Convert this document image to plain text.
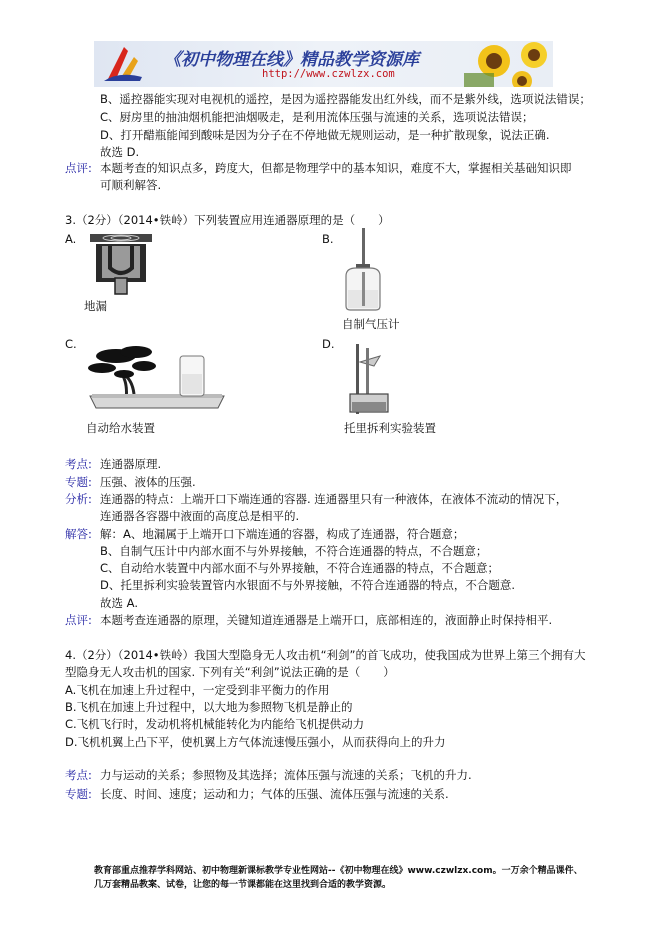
《初中物理在线》精品教学资源库
http://www.czwlzx.com
B、遥控器能实现对电视机的遥控，是因为遥控器能发出红外线，而不是紫外线，选项说法错误；
C、厨房里的抽油烟机能把油烟吸走，是利用流体压强与流速的关系，选项说法错误；
D、打开醋瓶能闻到酸味是因为分子在不停地做无规则运动，是一种扩散现象，说法正确.
故选 D.
点评: 本题考查的知识点多，跨度大，但都是物理学中的基本知识，难度不大，掌握相关基础知识即
可顺利解答.
3.（2分）（2014•铁岭）下列装置应用连通器原理的是（　　）
A.
地漏
B.
自制气压计
C.
自动给水装置
D.
托里拆利实验装置
考点: 连通器原理.
专题: 压强、液体的压强.
分析: 连通器的特点：上端开口下端连通的容器. 连通器里只有一种液体，在液体不流动的情况下，
连通器各容器中液面的高度总是相平的.
解答: 解：A、地漏属于上端开口下端连通的容器，构成了连通器，符合题意；
B、自制气压计中内部水面不与外界接触，不符合连通器的特点，不合题意；
C、自动给水装置中内部水面不与外界接触，不符合连通器的特点，不合题意；
D、托里拆利实验装置管内水银面不与外界接触，不符合连通器的特点，不合题意.
故选 A.
点评: 本题考查连通器的原理，关键知道连通器是上端开口，底部相连的，液面静止时保持相平.
4.（2分）（2014•铁岭）我国大型隐身无人攻击机“利剑”的首飞成功，使我国成为世界上第三个拥有大
型隐身无人攻击机的国家. 下列有关“利剑”说法正确的是（　　）
A.飞机在加速上升过程中，一定受到非平衡力的作用
B.飞机在加速上升过程中，以大地为参照物飞机是静止的
C.飞机飞行时，发动机将机械能转化为内能给飞机提供动力
D.飞机机翼上凸下平，使机翼上方气体流速慢压强小，从而获得向上的升力
考点: 力与运动的关系；参照物及其选择；流体压强与流速的关系；飞机的升力.
专题: 长度、时间、速度；运动和力；气体的压强、流体压强与流速的关系.
教育部重点推荐学科网站、初中物理新课标教学专业性网站--《初中物理在线》www.czwlzx.com。一万余个精品课件、
几万套精品教案、试卷，让您的每一节课都能在这里找到合适的教学资源。
